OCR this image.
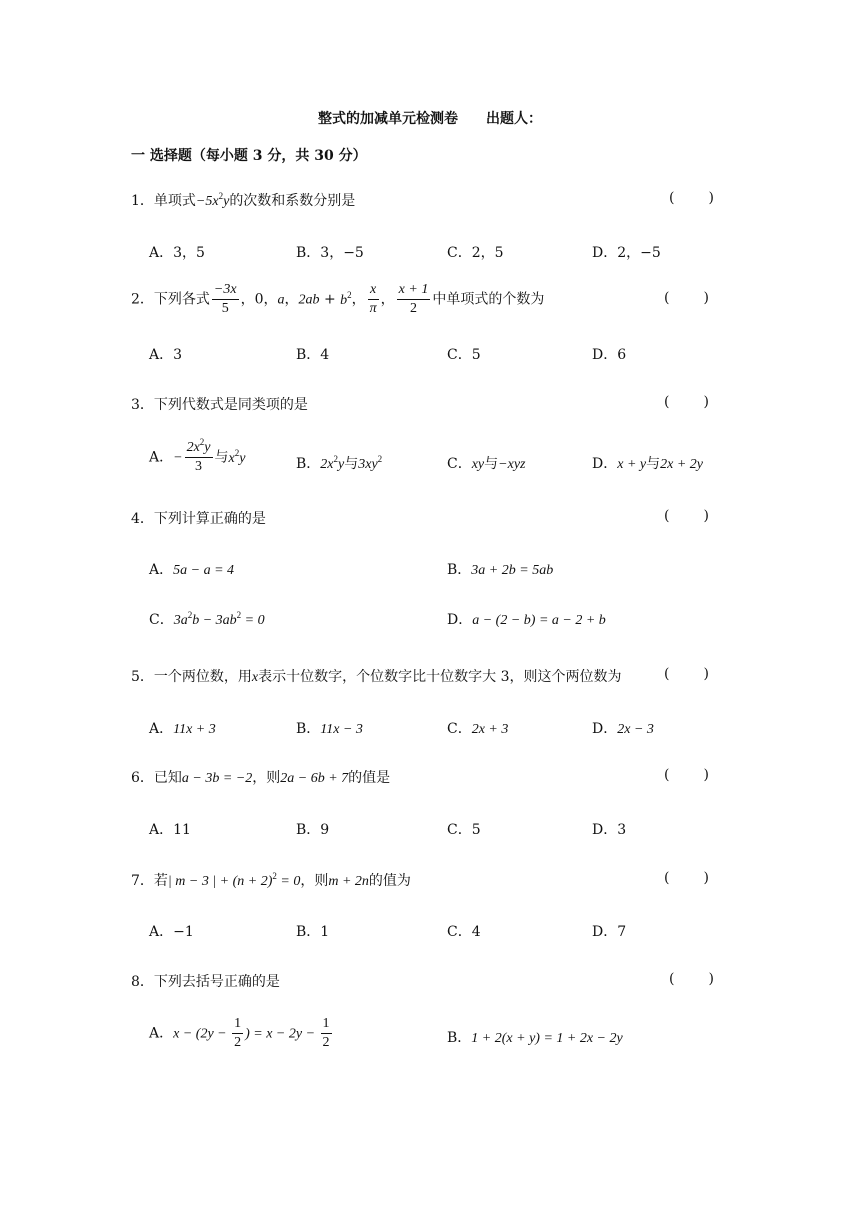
整式的加减单元检测卷 出题人：
一 选择题（每小题 3 分，共 30 分）
1．单项式$-5x^2y$的次数和系数分别是	( )
A．3，5	B．3，−5	C．2，5	D．2，−5
2．下列各式 $\frac{-3x}{5}$ ，0，a，$2ab + b^2$， $\frac{x}{\pi}$ ， $\frac{x + 1}{2}$ 中单项式的个数为	( )
A．3	B．4	C．5	D．6
3．下列代数式是同类项的是	( )
A．− $\frac{2x^2y}{3}$ 与$x^2y$	B．$2x^2y$与$3xy^2$	C．xy与−xyz	D．x + y与2x + 2y
4．下列计算正确的是	( )
A．5a − a = 4	B．3a + 2b = 5ab
C．$3a^2b - 3ab^2 = 0$	D．a − (2 − b) = a − 2 + b
5．一个两位数，用x表示十位数字，个位数字比十位数字大 3，则这个两位数为	( )
A．11x + 3	B．11x − 3	C．2x + 3	D．2x − 3
6．已知a − 3b = −2，则2a − 6b + 7的值是	( )
A．11	B．9	C．5	D．3
7．若| m − 3 | + $(n + 2)^2 = 0$，则m + 2n的值为	( )
A．−1	B．1	C．4	D．7
8．下列去括号正确的是	( )
A．$x - (2y - \frac{1}{2}$ ) = $x - 2y - \frac{1}{2}$	B．1 + 2(x + y) = 1 + 2x − 2y
